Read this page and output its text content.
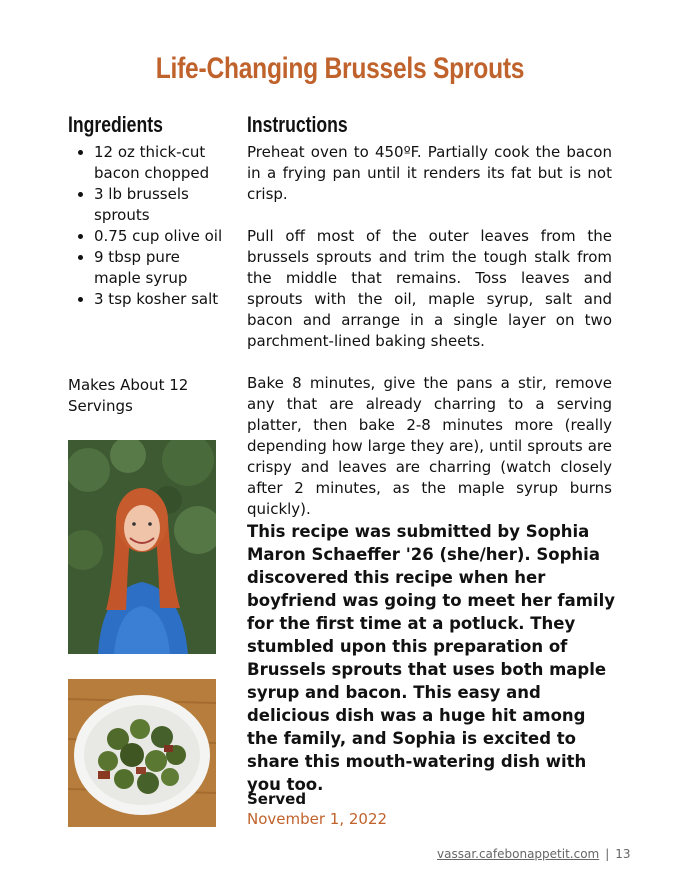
Life-Changing Brussels Sprouts
Ingredients
• 12 oz thick-cut bacon chopped
• 3 lb brussels sprouts
• 0.75 cup olive oil
• 9 tbsp pure maple syrup
• 3 tsp kosher salt
Makes About 12 Servings
Instructions

Preheat oven to 450ºF. Partially cook the bacon in a frying pan until it renders its fat but is not crisp.

Pull off most of the outer leaves from the brussels sprouts and trim the tough stalk from the middle that remains. Toss leaves and sprouts with the oil, maple syrup, salt and bacon and arrange in a single layer on two parchment-lined baking sheets.

Bake 8 minutes, give the pans a stir, remove any that are already charring to a serving platter, then bake 2-8 minutes more (really depending how large they are), until sprouts are crispy and leaves are charring (watch closely after 2 minutes, as the maple syrup burns quickly).

This recipe was submitted by Sophia Maron Schaeffer '26 (she/her). Sophia discovered this recipe when her boyfriend was going to meet her family for the first time at a potluck. They stumbled upon this preparation of Brussels sprouts that uses both maple syrup and bacon. This easy and delicious dish was a huge hit among the family, and Sophia is excited to share this mouth-watering dish with you too.
Served
November 1, 2022
vassar.cafebonappetit.com | 13
